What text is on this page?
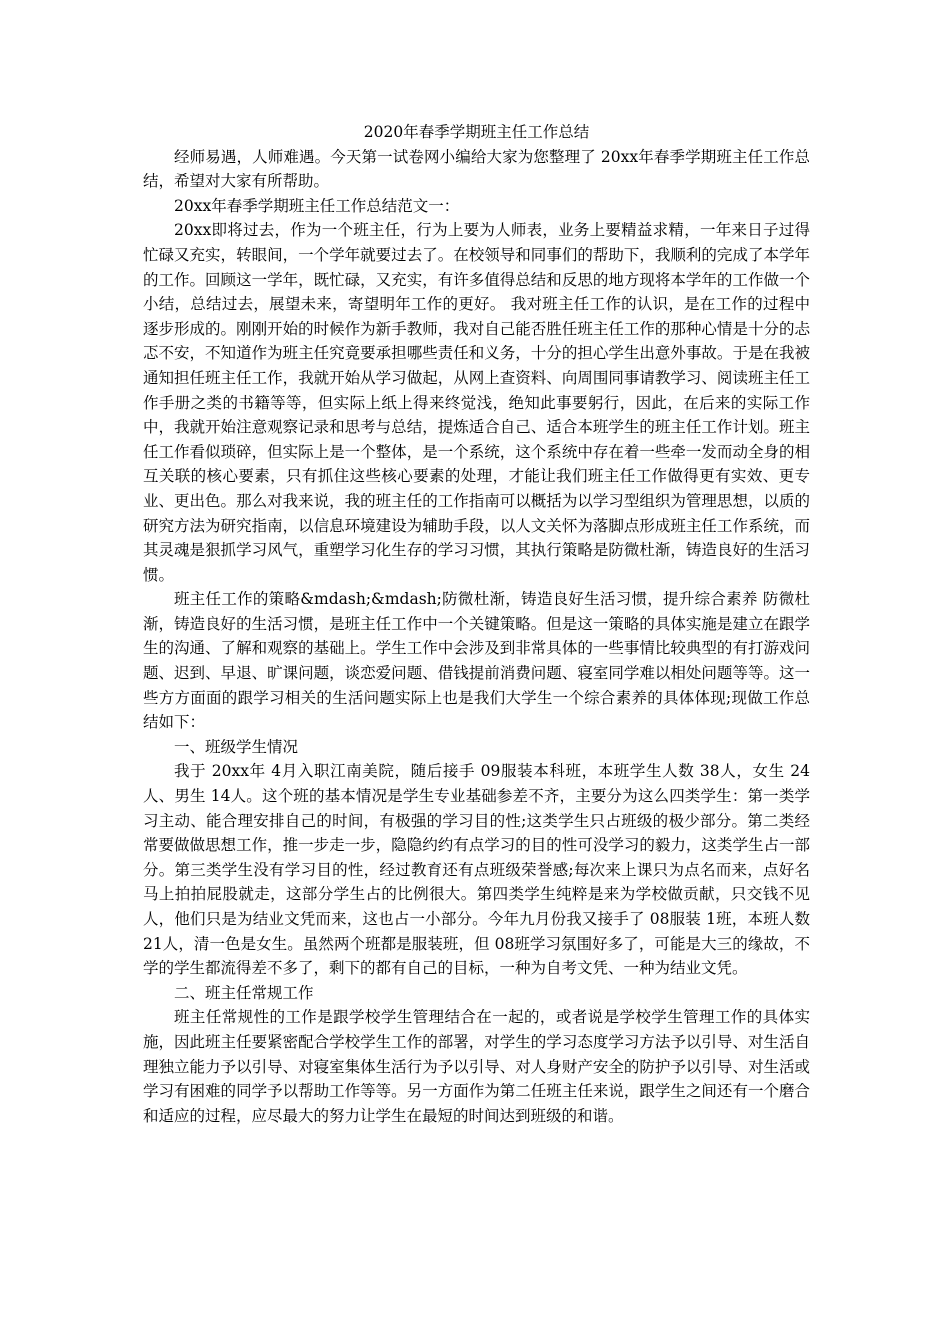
2020年春季学期班主任工作总结

经师易遇，人师难遇。今天第一试卷网小编给大家为您整理了 20xx年春季学期班主任工作总结，希望对大家有所帮助。

20xx年春季学期班主任工作总结范文一：

20xx即将过去，作为一个班主任，行为上要为人师表，业务上要精益求精，一年来日子过得忙碌又充实，转眼间，一个学年就要过去了。在校领导和同事们的帮助下，我顺利的完成了本学年的工作。回顾这一学年，既忙碌，又充实，有许多值得总结和反思的地方现将本学年的工作做一个小结，总结过去，展望未来，寄望明年工作的更好。 我对班主任工作的认识，是在工作的过程中逐步形成的。刚刚开始的时候作为新手教师，我对自己能否胜任班主任工作的那种心情是十分的忐忑不安，不知道作为班主任究竟要承担哪些责任和义务，十分的担心学生出意外事故。于是在我被通知担任班主任工作，我就开始从学习做起，从网上查资料、向周围同事请教学习、阅读班主任工作手册之类的书籍等等，但实际上纸上得来终觉浅，绝知此事要躬行，因此，在后来的实际工作中，我就开始注意观察记录和思考与总结，提炼适合自己、适合本班学生的班主任工作计划。班主任工作看似琐碎，但实际上是一个整体，是一个系统，这个系统中存在着一些牵一发而动全身的相互关联的核心要素，只有抓住这些核心要素的处理，才能让我们班主任工作做得更有实效、更专业、更出色。那么对我来说，我的班主任的工作指南可以概括为以学习型组织为管理思想，以质的研究方法为研究指南，以信息环境建设为辅助手段，以人文关怀为落脚点形成班主任工作系统，而其灵魂是狠抓学习风气，重塑学习化生存的学习习惯，其执行策略是防微杜渐，铸造良好的生活习惯。

班主任工作的策略&mdash;&mdash;防微杜渐，铸造良好生活习惯，提升综合素养 防微杜渐，铸造良好的生活习惯，是班主任工作中一个关键策略。但是这一策略的具体实施是建立在跟学生的沟通、了解和观察的基础上。学生工作中会涉及到非常具体的一些事情比较典型的有打游戏问题、迟到、早退、旷课问题，谈恋爱问题、借钱提前消费问题、寝室同学难以相处问题等等。这一些方方面面的跟学习相关的生活问题实际上也是我们大学生一个综合素养的具体体现;现做工作总结如下：

一、班级学生情况

我于 20xx年 4月入职江南美院，随后接手 09服装本科班，本班学生人数 38人，女生 24人、男生 14人。这个班的基本情况是学生专业基础参差不齐，主要分为这么四类学生：第一类学习主动、能合理安排自己的时间，有极强的学习目的性;这类学生只占班级的极少部分。第二类经常要做做思想工作，推一步走一步，隐隐约约有点学习的目的性可没学习的毅力，这类学生占一部分。第三类学生没有学习目的性，经过教育还有点班级荣誉感;每次来上课只为点名而来，点好名马上拍拍屁股就走，这部分学生占的比例很大。第四类学生纯粹是来为学校做贡献，只交钱不见人，他们只是为结业文凭而来，这也占一小部分。今年九月份我又接手了 08服装 1班，本班人数 21人，清一色是女生。虽然两个班都是服装班，但 08班学习氛围好多了，可能是大三的缘故，不学的学生都流得差不多了，剩下的都有自己的目标，一种为自考文凭、一种为结业文凭。

二、班主任常规工作

班主任常规性的工作是跟学校学生管理结合在一起的，或者说是学校学生管理工作的具体实施，因此班主任要紧密配合学校学生工作的部署，对学生的学习态度学习方法予以引导、对生活自理独立能力予以引导、对寝室集体生活行为予以引导、对人身财产安全的防护予以引导、对生活或学习有困难的同学予以帮助工作等等。另一方面作为第二任班主任来说，跟学生之间还有一个磨合和适应的过程，应尽最大的努力让学生在最短的时间达到班级的和谐。
